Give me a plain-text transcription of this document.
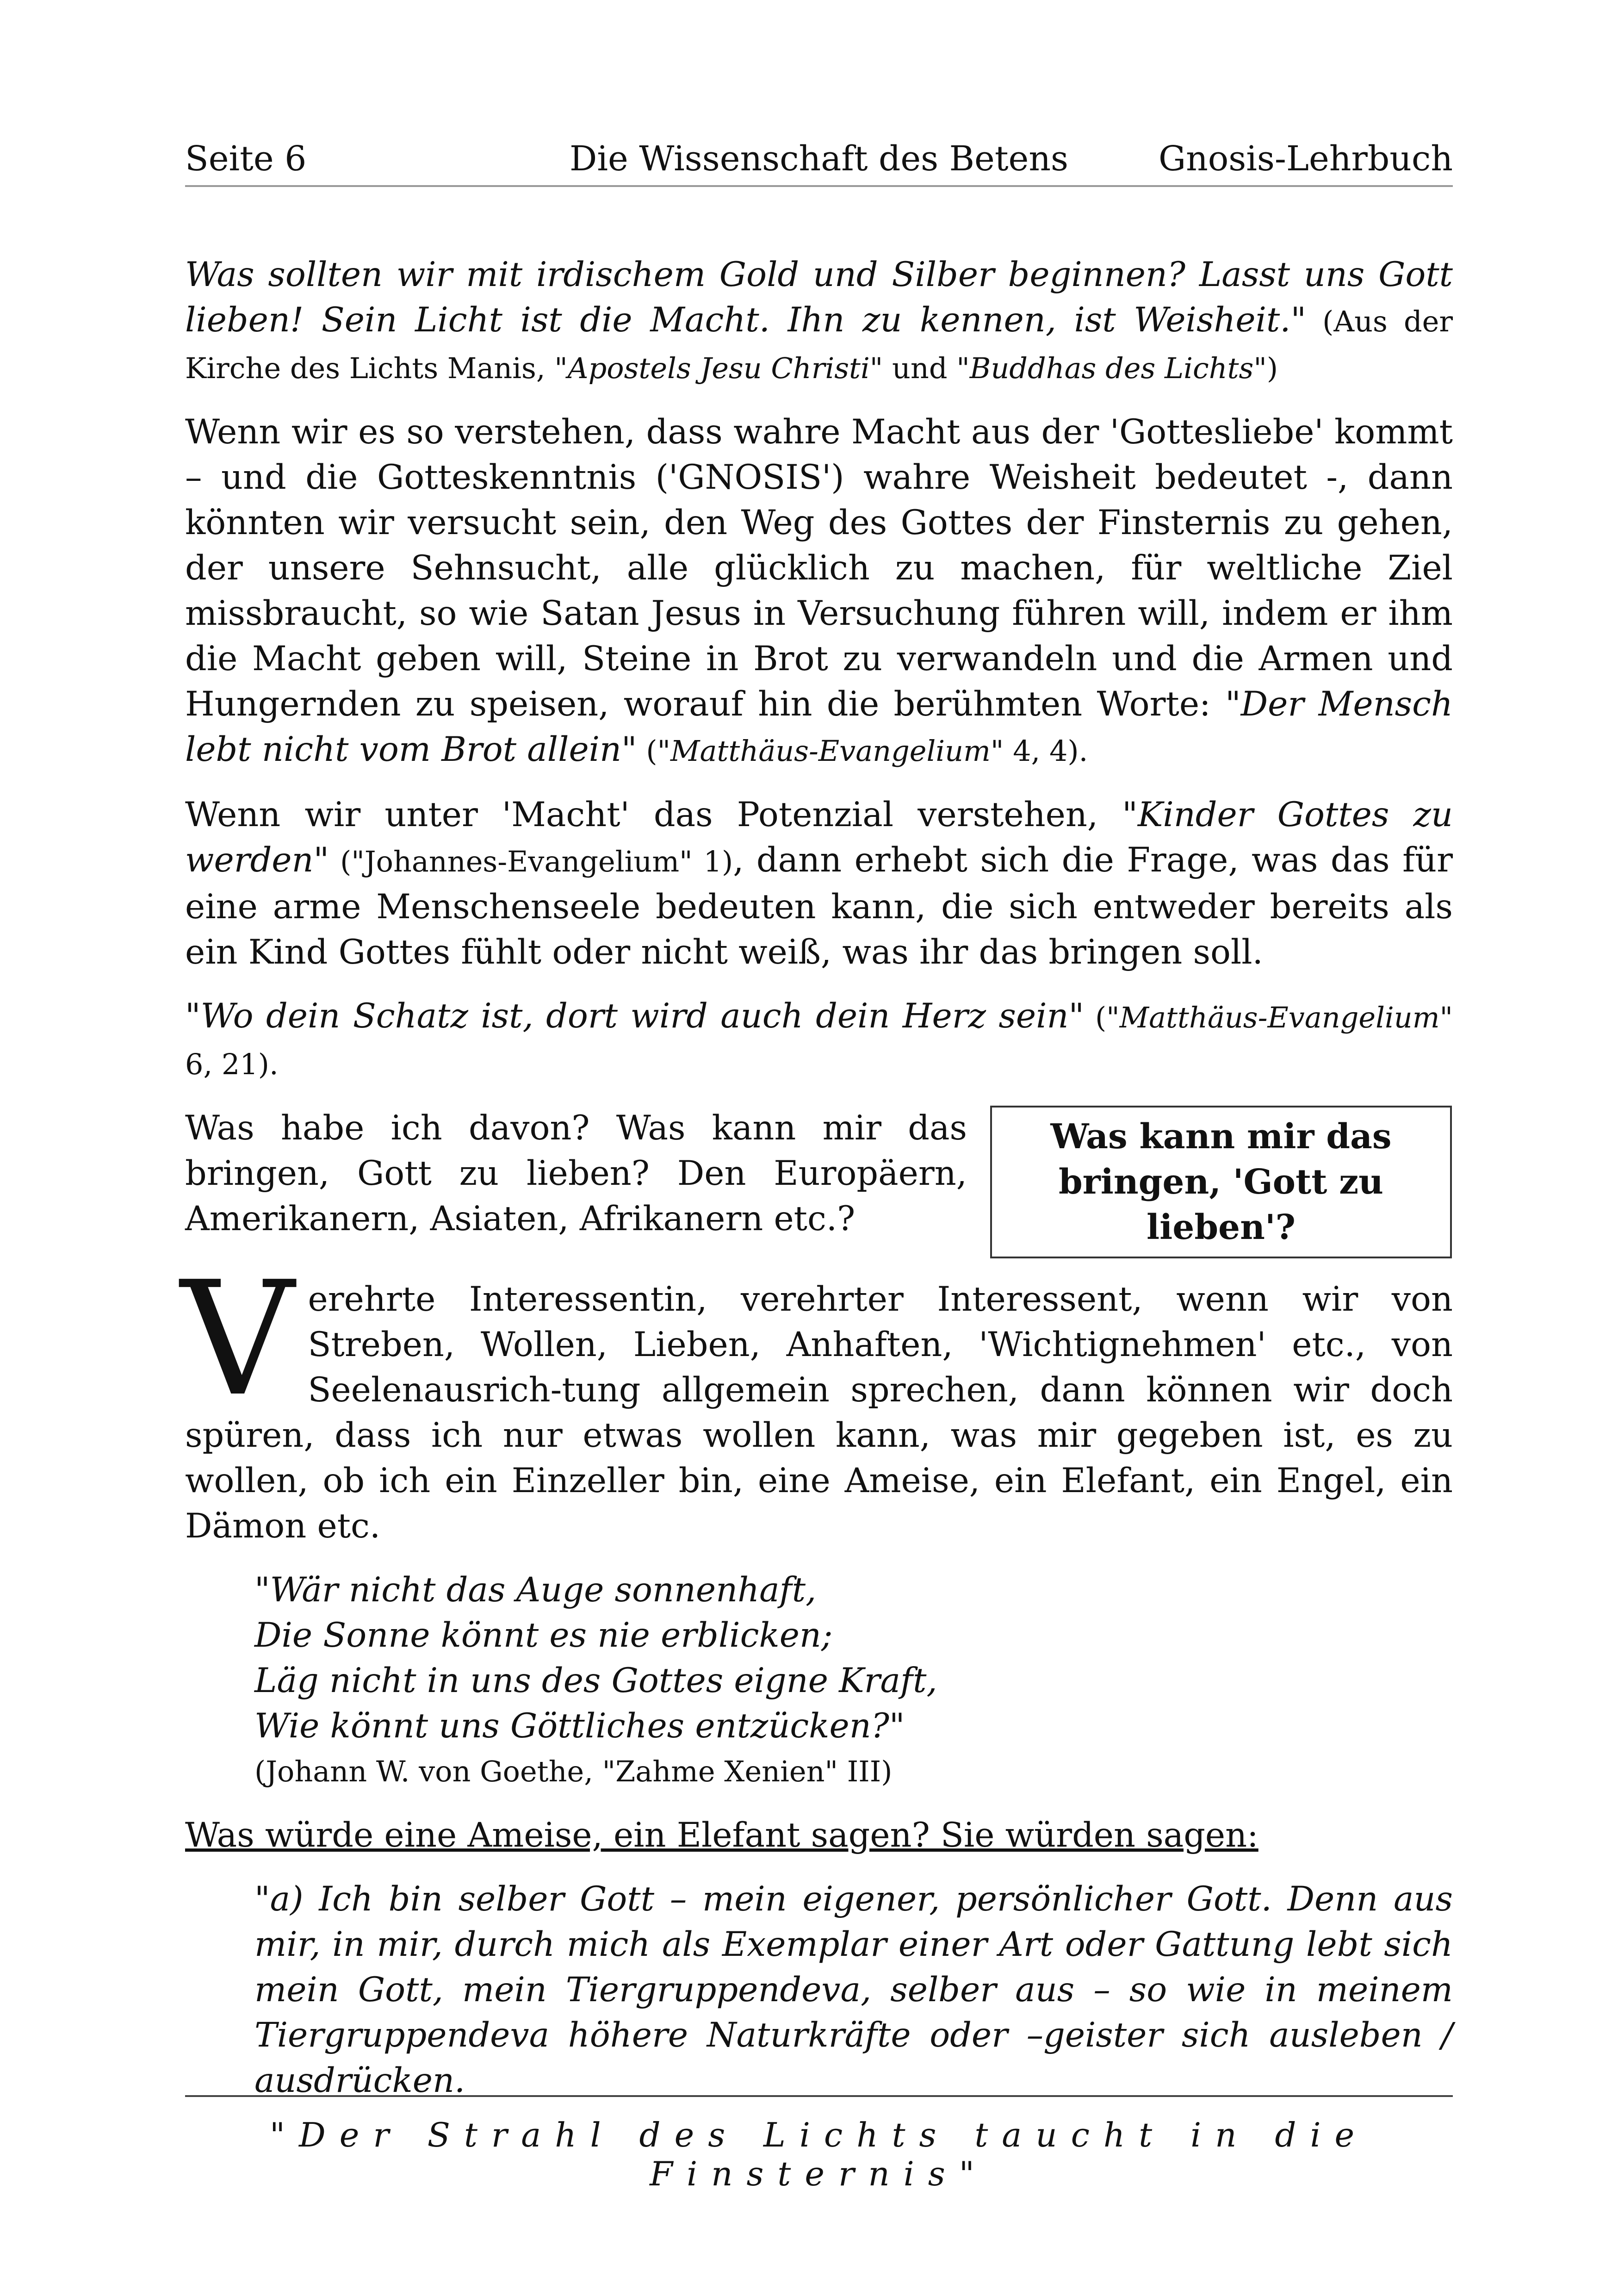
Seite 6	Die Wissenschaft des Betens	Gnosis-Lehrbuch

Was sollten wir mit irdischem Gold und Silber beginnen? Lasst uns Gott lieben! Sein Licht ist die Macht. Ihn zu kennen, ist Weisheit." (Aus der Kirche des Lichts Manis, "Apostels Jesu Christi" und "Buddhas des Lichts")

Wenn wir es so verstehen, dass wahre Macht aus der 'Gottesliebe' kommt – und die Gotteskenntnis ('GNOSIS') wahre Weisheit bedeutet -, dann könnten wir versucht sein, den Weg des Gottes der Finsternis zu gehen, der unsere Sehnsucht, alle glücklich zu machen, für weltliche Ziel missbraucht, so wie Satan Jesus in Versuchung führen will, indem er ihm die Macht geben will, Steine in Brot zu verwandeln und die Armen und Hungernden zu speisen, worauf hin die berühmten Worte: "Der Mensch lebt nicht vom Brot allein" ("Matthäus-Evangelium" 4, 4).

Wenn wir unter 'Macht' das Potenzial verstehen, "Kinder Gottes zu werden" ("Johannes-Evangelium" 1), dann erhebt sich die Frage, was das für eine arme Menschenseele bedeuten kann, die sich entweder bereits als ein Kind Gottes fühlt oder nicht weiß, was ihr das bringen soll.

"Wo dein Schatz ist, dort wird auch dein Herz sein" ("Matthäus-Evangelium" 6, 21).

Was habe ich davon? Was kann mir das bringen, Gott zu lieben? Den Europäern, Amerikanern, Asiaten, Afrikanern etc.?

Was kann mir das bringen, 'Gott zu lieben'?

Verehrte Interessentin, verehrter Interessent, wenn wir von Streben, Wollen, Lieben, Anhaften, 'Wichtignehmen' etc., von Seelenausrich-tung allgemein sprechen, dann können wir doch spüren, dass ich nur etwas wollen kann, was mir gegeben ist, es zu wollen, ob ich ein Einzeller bin, eine Ameise, ein Elefant, ein Engel, ein Dämon etc.

"Wär nicht das Auge sonnenhaft,
Die Sonne könnt es nie erblicken;
Läg nicht in uns des Gottes eigne Kraft,
Wie könnt uns Göttliches entzücken?"
(Johann W. von Goethe, "Zahme Xenien" III)

Was würde eine Ameise, ein Elefant sagen? Sie würden sagen:

"a) Ich bin selber Gott – mein eigener, persönlicher Gott. Denn aus mir, in mir, durch mich als Exemplar einer Art oder Gattung lebt sich mein Gott, mein Tiergruppendeva, selber aus – so wie in meinem Tiergruppendeva höhere Naturkräfte oder –geister sich ausleben / ausdrücken.

"Der Strahl des Lichts taucht in die Finsternis"
